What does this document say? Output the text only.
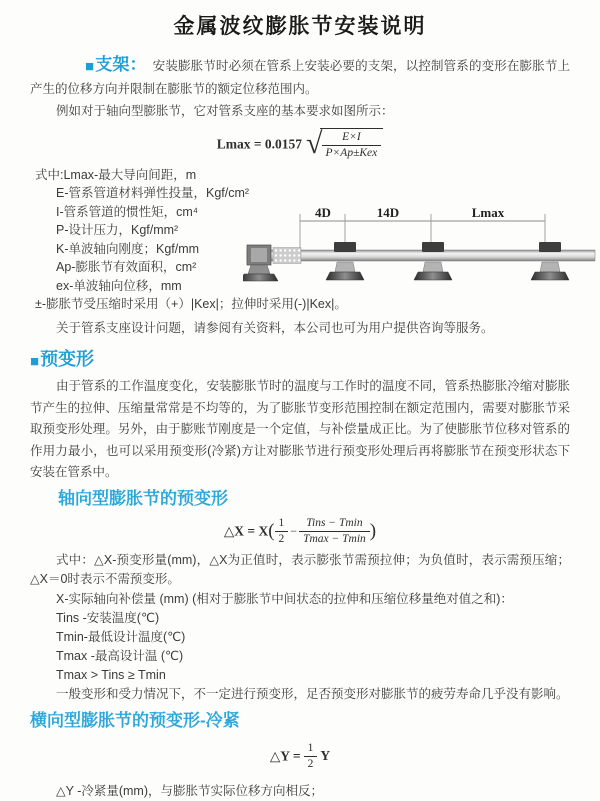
金属波纹膨胀节安装说明

■支架： 安装膨胀节时必须在管系上安装必要的支架，以控制管系的变形在膨胀节上产生的位移方向并限制在膨胀节的额定位移范围内。

例如对于轴向型膨胀节，它对管系支座的基本要求如图所示：

Lmax = 0.0157 √ $\frac{E\times I}{\text{P×Ap±Kex}}$
式中:Lmax-最大导向间距，m
E-管系管道材料弹性投量，Kgf/cm²
I-管系管道的惯性矩，cm⁴
P-设计压力，Kgf/mm²
K-单波轴向刚度；Kgf/mm
Ap-膨胀节有效面积，cm²
ex-单波轴向位移，mm
±-膨胀节受压缩时采用（+）|Kex|；拉伸时采用(-)|Kex|。
关于管系支座设计问题，请参阅有关资料，本公司也可为用户提供咨询等服务。
■预变形

由于管系的工作温度变化，安装膨胀节时的温度与工作时的温度不同，管系热膨胀冷缩对膨胀节产生的拉伸、压缩量常常是不均等的，为了膨胀节变形范围控制在额定范围内，需要对膨胀节采取预变形处理。另外，由于膨账节刚度是一个定值，与补偿量成正比。为了使膨胀节位移对管系的作用力最小，也可以采用预变形(冷紧)方让对膨胀节进行预变形处理后再将膨胀节在预变形状态下安装在管系中。

轴向型膨胀节的预变形
△X = $X( \frac{1}{2} - \frac{\text{Tins − Tmin}}{Tmax - Tmin}$ )

式中：△X-预变形量(mm)，△X为正值时，表示膨张节需预拉伸；为负值时，表示需预压缩；△X＝0时表示不需预变形。

X-实际轴向补偿量 (mm) (相对于膨胀节中间状态的拉伸和压缩位移量绝对值之和)：
Tins -安装温度(℃)
Tmin-最低设计温度(℃)
Tmax -最高设计温 (℃)
Tmax > Tins ≥ Tmin
一般变形和受力情况下，不一定进行预变形，足否预变形对膨胀节的疲劳寿命几乎没有影响。
横向型膨胀节的预变形-冷紧
△Y = $\frac{1}{2}$ Y
△Y -冷紧量(mm)，与膨胀节实际位移方向相反；
4D	14D	Lmax
